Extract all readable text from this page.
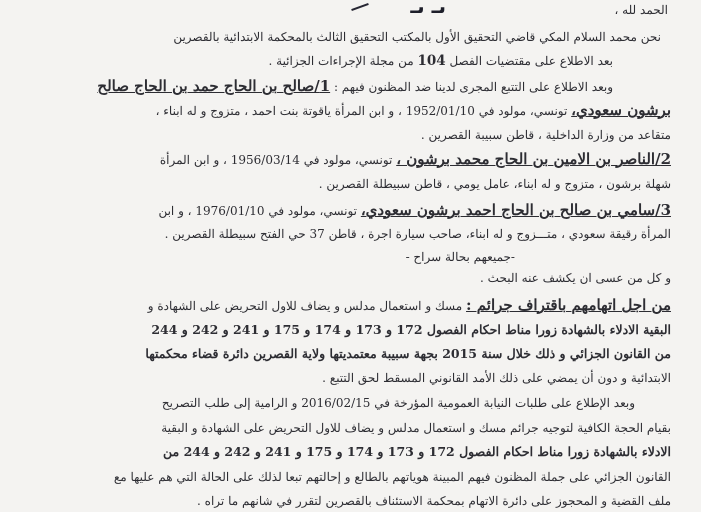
ىـ ىـ	الحمد لله ،
نحن محمد السلام المكي قاضي التحقيق الأول بالمكتب التحقيق الثالث بالمحكمة الابتدائية بالقصرين
بعد الاطلاع على مقتضيات الفصل 104 من مجلة الإجراءات الجزائية .
وبعد الاطلاع على التتبع المجرى لدينا ضد المظنون فيهم : 1/صالح بن الحاج حمد بن الحاج صالح
برشون سعودي، تونسي، مولود في 1952/01/10 ، و ابن المرأة ياقوتة بنت احمد ، متزوج و له ابناء ،
متقاعد من وزارة الداخلية ، قاطن سبيبة القصرين .
2/الناصر بن الامين بن الحاج محمد برشون ، تونسي، مولود في 1956/03/14 ، و ابن المرأة
شهلة برشون ، متزوج و له ابناء، عامل يومي ، قاطن سبيطلة القصرين .
3/سامي بن صالح بن الحاج احمد برشون سعودي، تونسي، مولود في 1976/01/10 ، و ابن
المرأة رقيقة سعودي ، متـــزوج و له ابناء، صاحب سيارة اجرة ، قاطن 37 حي الفتح سبيطلة القصرين .
-جميعهم بحالة سراح -
و كل من عسى ان يكشف عنه البحث .
من اجل اتهامهم باقتراف جرائم : مسك و استعمال مدلس و يضاف للاول التحريض على الشهادة و
البقية الادلاء بالشهادة زورا مناط احكام الفصول 172 و 173 و 174 و 175 و 241 و 242 و 244
من القانون الجزائي و ذلك خلال سنة 2015 بجهة سبيبة معتمديتها ولاية القصرين دائرة قضاء محكمتها
الابتدائية و دون أن يمضي على ذلك الأمد القانوني المسقط لحق التتبع .
وبعد الإطلاع على طلبات النيابة العمومية المؤرخة في 2016/02/15 و الرامية إلى طلب التصريح
بقيام الحجة الكافية لتوجيه جرائم مسك و استعمال مدلس و يضاف للاول التحريض على الشهادة و البقية
الادلاء بالشهادة زورا مناط احكام الفصول 172 و 173 و 174 و 175 و 241 و 242 و 244 من
القانون الجزائي على جملة المظنون فيهم المبينة هوياتهم بالطالع و إحالتهم تبعا لذلك على الحالة التي هم عليها مع
ملف القضية و المحجوز على دائرة الاتهام بمحكمة الاستئناف بالقصرين لتقرر في شانهم ما تراه .
